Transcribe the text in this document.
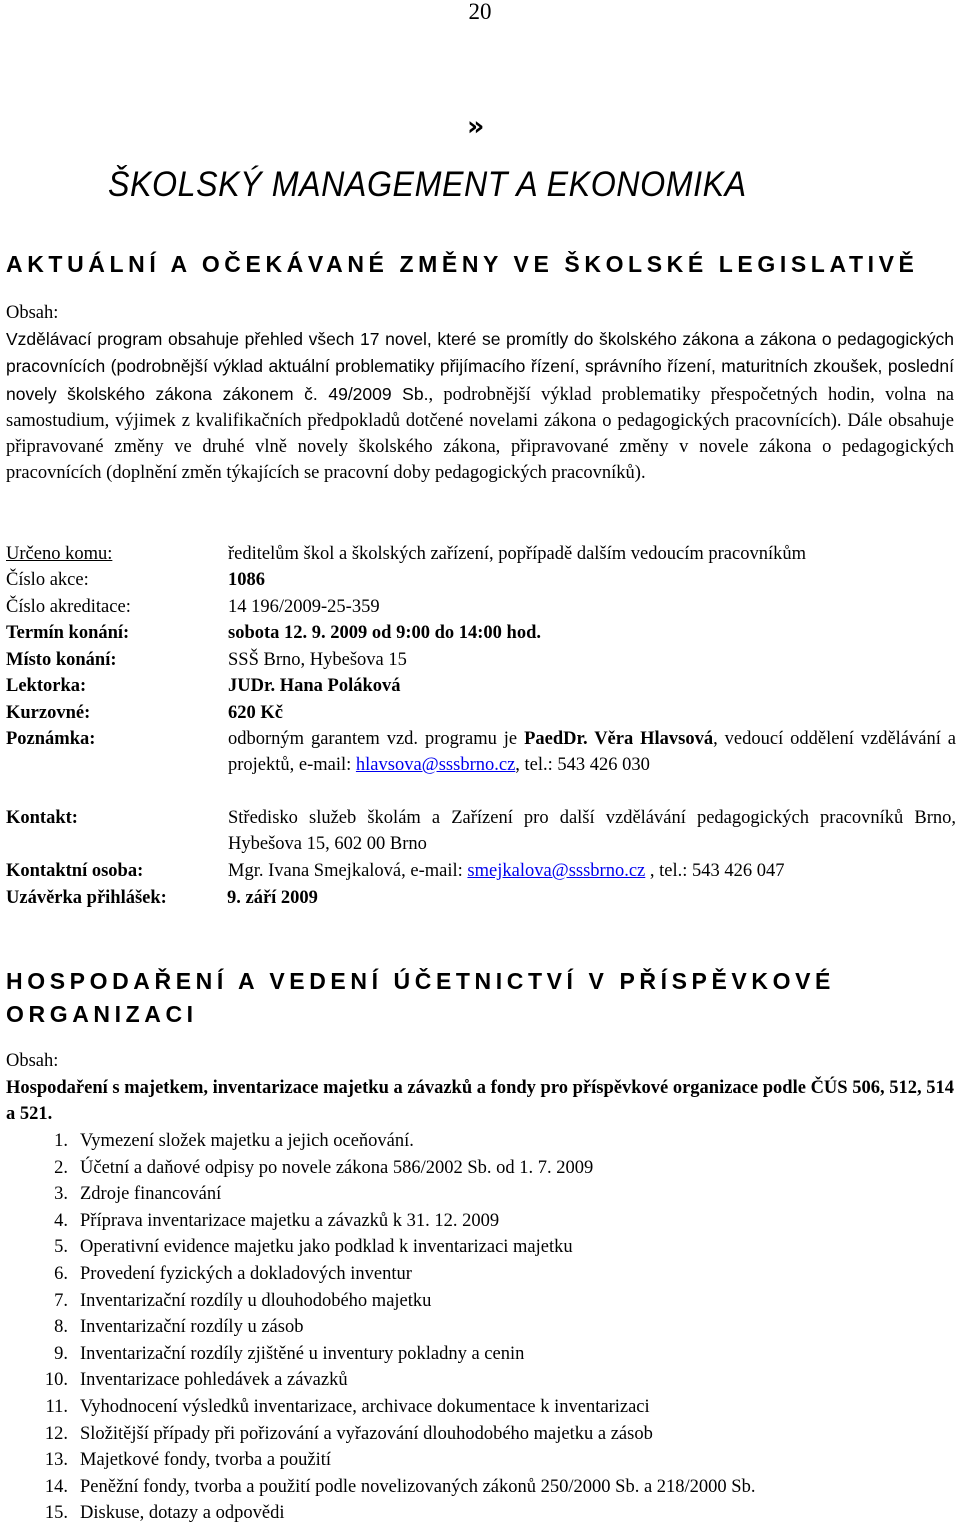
20
»
ŠKOLSKÝ MANAGEMENT A EKONOMIKA
AKTUÁLNÍ A OČEKÁVANÉ ZMĚNY VE ŠKOLSKÉ LEGISLATIVĚ
Obsah:
Vzdělávací program obsahuje přehled všech 17 novel, které se promítly do školského zákona a zákona o pedagogických pracovnících (podrobnější výklad aktuální problematiky přijímacího řízení, správního řízení, maturitních zkoušek, poslední novely školského zákona zákonem č. 49/2009 Sb., podrobnější výklad problematiky přespočetných hodin, volna na samostudium, výjimek z kvalifikačních předpokladů dotčené novelami zákona o pedagogických pracovnících). Dále obsahuje připravované změny ve druhé vlně novely školského zákona, připravované změny v novele zákona o pedagogických pracovnících (doplnění změn týkajících se pracovní doby pedagogických pracovníků).
Určeno komu:	ředitelům škol a školských zařízení, popřípadě dalším vedoucím pracovníkům
Číslo akce:	1086
Číslo akreditace:	14 196/2009-25-359
Termín konání:	sobota 12. 9. 2009 od 9:00 do 14:00 hod.
Místo konání:	SSŠ Brno, Hybešova 15
Lektorka:	JUDr. Hana Poláková
Kurzovné:	620 Kč
Poznámka:	odborným garantem vzd. programu je PaedDr. Věra Hlavsová, vedoucí oddělení vzdělávání a projektů, e-mail: hlavsova@sssbrno.cz, tel.: 543 426 030
Kontakt:	Středisko služeb školám a Zařízení pro další vzdělávání pedagogických pracovníků Brno, Hybešova 15, 602 00 Brno
Kontaktní osoba:	Mgr. Ivana Smejkalová, e-mail: smejkalova@sssbrno.cz , tel.: 543 426 047
Uzávěrka přihlášek:	9. září 2009
HOSPODAŘENÍ A VEDENÍ ÚČETNICTVÍ V PŘÍSPĚVKOVÉ
ORGANIZACI
Obsah:
Hospodaření s majetkem, inventarizace majetku a závazků a fondy pro příspěvkové organizace podle ČÚS 506, 512, 514 a 521.
1. Vymezení složek majetku a jejich oceňování.
2. Účetní a daňové odpisy po novele zákona 586/2002 Sb. od 1. 7. 2009
3. Zdroje financování
4. Příprava inventarizace majetku a závazků k 31. 12. 2009
5. Operativní evidence majetku jako podklad k inventarizaci majetku
6. Provedení fyzických a dokladových inventur
7. Inventarizační rozdíly u dlouhodobého majetku
8. Inventarizační rozdíly u zásob
9. Inventarizační rozdíly zjištěné u inventury pokladny a cenin
10. Inventarizace pohledávek a závazků
11. Vyhodnocení výsledků inventarizace, archivace dokumentace k inventarizaci
12. Složitější případy při pořizování a vyřazování dlouhodobého majetku a zásob
13. Majetkové fondy, tvorba a použití
14. Peněžní fondy, tvorba a použití podle novelizovaných zákonů 250/2000 Sb. a 218/2000 Sb.
15. Diskuse, dotazy a odpovědi
